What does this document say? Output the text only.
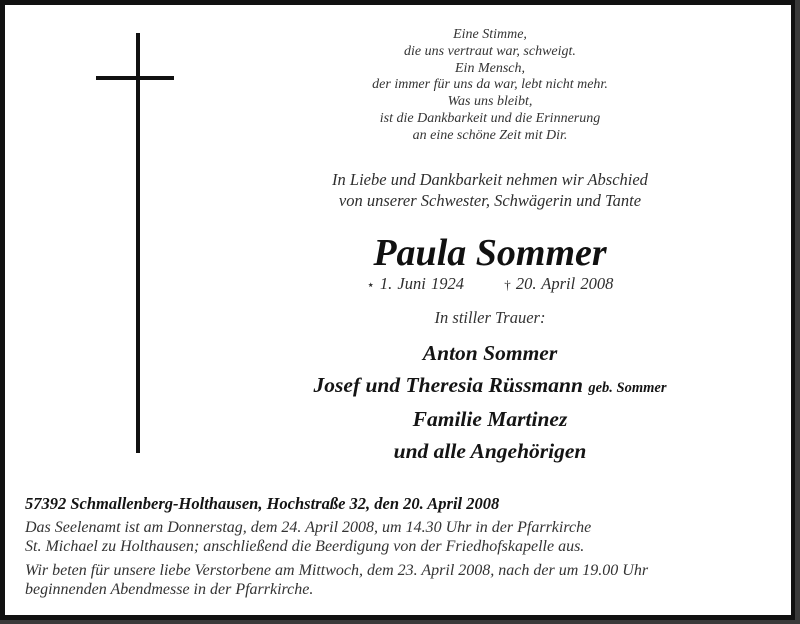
Eine Stimme,
die uns vertraut war, schweigt.
Ein Mensch,
der immer für uns da war, lebt nicht mehr.
Was uns bleibt,
ist die Dankbarkeit und die Erinnerung
an eine schöne Zeit mit Dir.
In Liebe und Dankbarkeit nehmen wir Abschied
von unserer Schwester, Schwägerin und Tante
Paula Sommer
⋆ 1. Juni 1924	† 20. April 2008
In stiller Trauer:
Anton Sommer
Josef und Theresia Rüssmann geb. Sommer
Familie Martinez
und alle Angehörigen
57392 Schmallenberg-Holthausen, Hochstraße 32, den 20. April 2008

Das Seelenamt ist am Donnerstag, dem 24. April 2008, um 14.30 Uhr in der Pfarrkirche
St. Michael zu Holthausen; anschließend die Beerdigung von der Friedhofskapelle aus.

Wir beten für unsere liebe Verstorbene am Mittwoch, dem 23. April 2008, nach der um 19.00 Uhr
beginnenden Abendmesse in der Pfarrkirche.
